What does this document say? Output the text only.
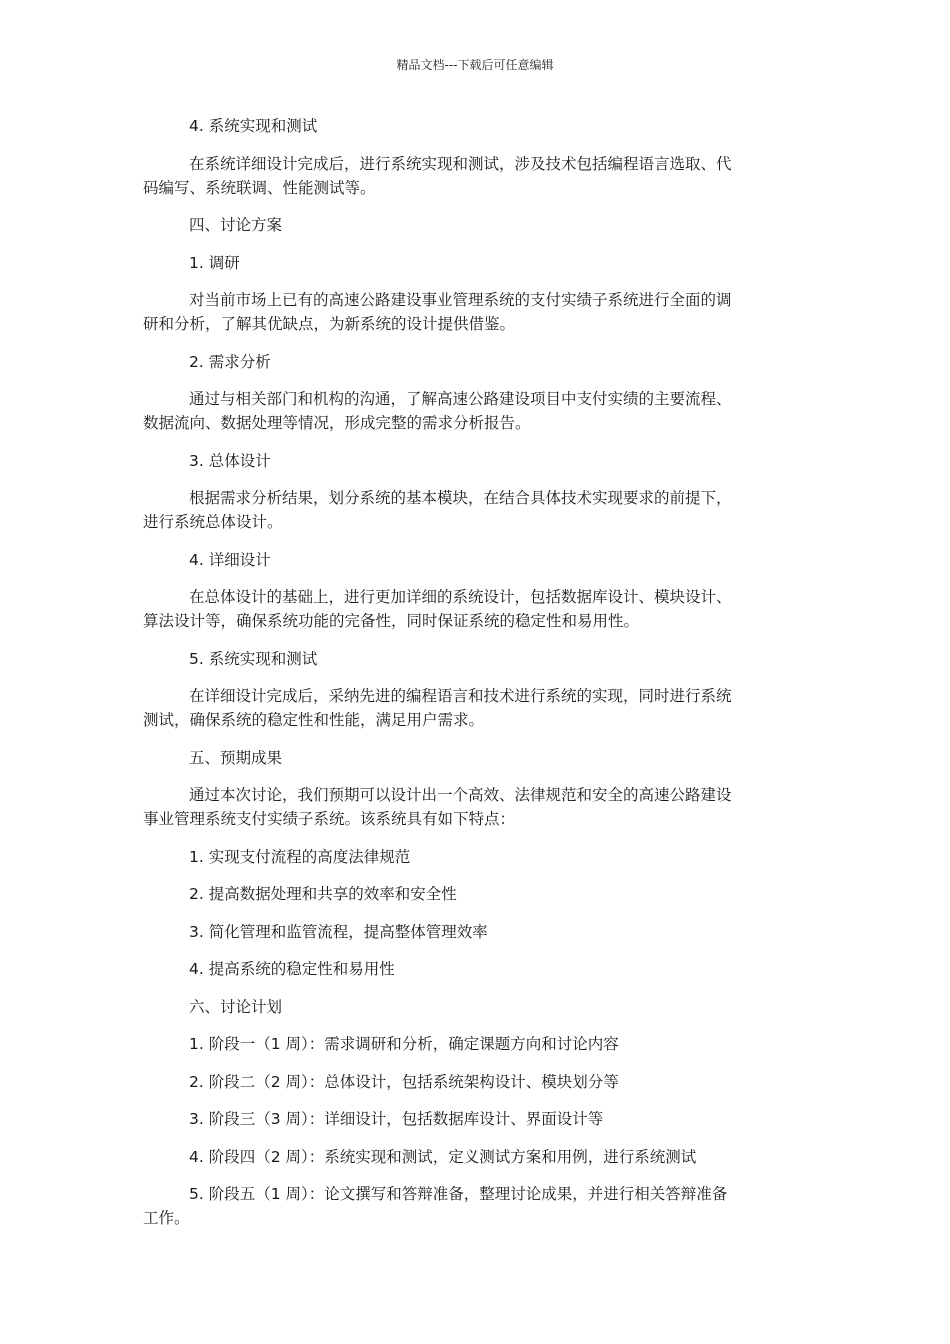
精品文档---下载后可任意编辑

4. 系统实现和测试

在系统详细设计完成后，进行系统实现和测试，涉及技术包括编程语言选取、代
码编写、系统联调、性能测试等。

四、讨论方案

1. 调研

对当前市场上已有的高速公路建设事业管理系统的支付实绩子系统进行全面的调
研和分析，了解其优缺点，为新系统的设计提供借鉴。

2. 需求分析

通过与相关部门和机构的沟通，了解高速公路建设项目中支付实绩的主要流程、
数据流向、数据处理等情况，形成完整的需求分析报告。

3. 总体设计

根据需求分析结果，划分系统的基本模块，在结合具体技术实现要求的前提下，
进行系统总体设计。

4. 详细设计

在总体设计的基础上，进行更加详细的系统设计，包括数据库设计、模块设计、
算法设计等，确保系统功能的完备性，同时保证系统的稳定性和易用性。

5. 系统实现和测试

在详细设计完成后，采纳先进的编程语言和技术进行系统的实现，同时进行系统
测试，确保系统的稳定性和性能，满足用户需求。

五、预期成果

通过本次讨论，我们预期可以设计出一个高效、法律规范和安全的高速公路建设
事业管理系统支付实绩子系统。该系统具有如下特点：

1. 实现支付流程的高度法律规范

2. 提高数据处理和共享的效率和安全性

3. 简化管理和监管流程，提高整体管理效率

4. 提高系统的稳定性和易用性

六、讨论计划

1. 阶段一（1 周）：需求调研和分析，确定课题方向和讨论内容

2. 阶段二（2 周）：总体设计，包括系统架构设计、模块划分等

3. 阶段三（3 周）：详细设计，包括数据库设计、界面设计等

4. 阶段四（2 周）：系统实现和测试，定义测试方案和用例，进行系统测试

5. 阶段五（1 周）：论文撰写和答辩准备，整理讨论成果，并进行相关答辩准备
工作。
